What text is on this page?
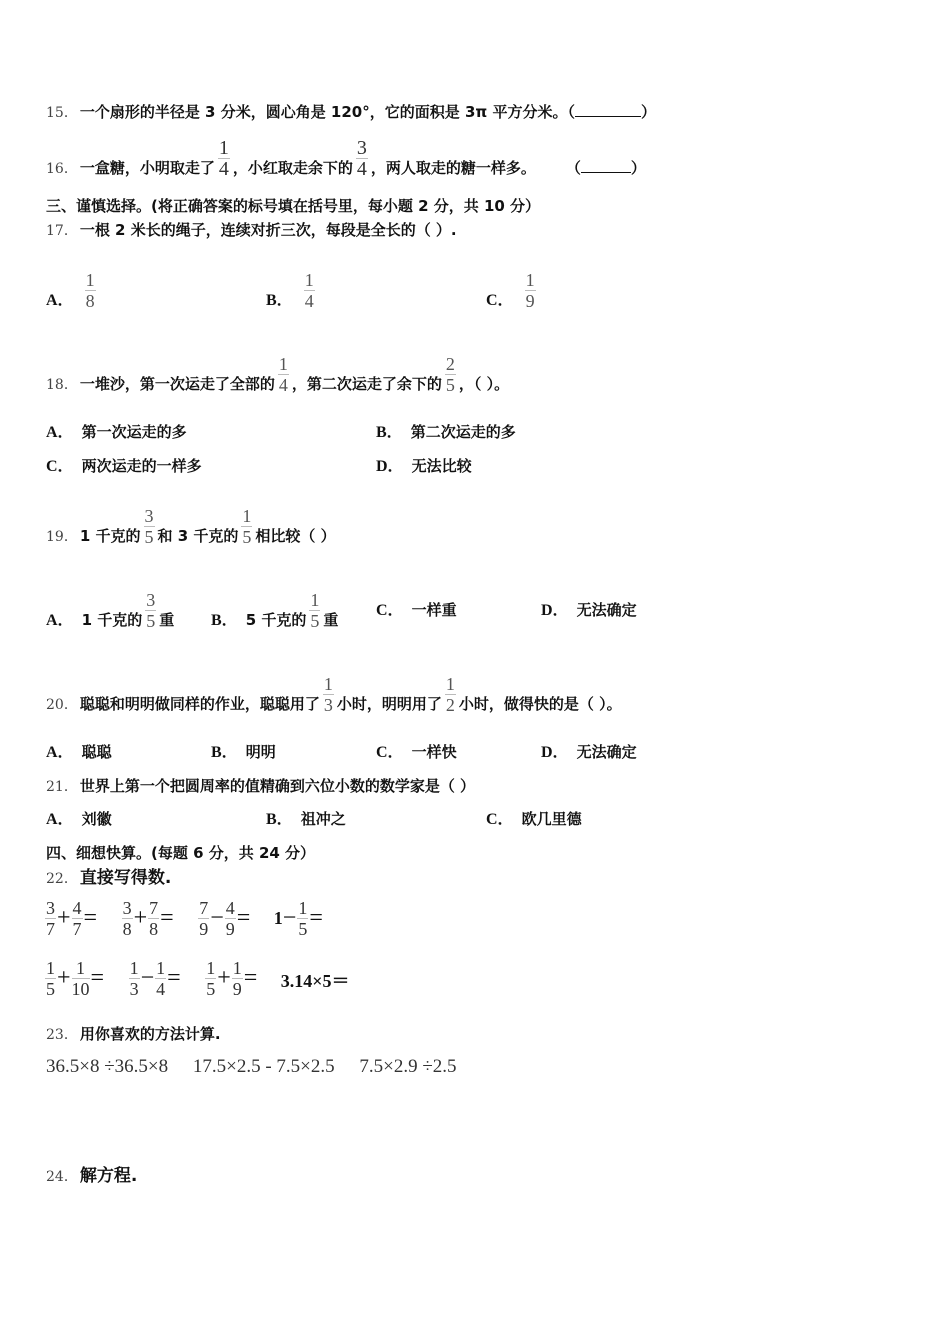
15． 一个扇形的半径是 3 分米，圆心角是 120°，它的面积是 3π 平方分米。（	）
16． 一盒糖，小明取走了 $\frac{1}{4}$ ，小红取走余下的 $\frac{3}{4}$ ，两人取走的糖一样多。 （	）
三、谨慎选择。(将正确答案的标号填在括号里，每小题 2 分，共 10 分）
17． 一根 2 米长的绳子，连续对折三次，每段是全长的（ ）.
A． $\frac{1}{8}$	B． $\frac{1}{4}$	C． $\frac{1}{9}$
18． 一堆沙，第一次运走了全部的 $\frac{1}{4}$ ，第二次运走了余下的 $\frac{2}{5}$ ，（ ）。
A． 第一次运走的多	B． 第二次运走的多
C． 两次运走的一样多	D． 无法比较
19． 1 千克的 $\frac{3}{5}$ 和 3 千克的 $\frac{1}{5}$ 相比较（ ）
A． 1 千克的 $\frac{3}{5}$ 重 B． 5 千克的 $\frac{1}{5}$ 重
C． 一样重	D． 无法确定
20． 聪聪和明明做同样的作业，聪聪用了 $\frac{1}{3}$ 小时，明明用了 $\frac{1}{2}$ 小时，做得快的是（ ）。
A． 聪聪	B． 明明	C． 一样快	D． 无法确定
21． 世界上第一个把圆周率的值精确到六位小数的数学家是（ ）
A． 刘徽	B． 祖冲之	C． 欧几里德
四、细想快算。(每题 6 分，共 24 分）
22． 直接写得数.
$\frac{3}{7} + \frac{4}{7} = \frac{3}{8} + \frac{7}{8} = \frac{7}{9} - \frac{4}{9} = 1- \frac{1}{5}$ =
$\frac{1}{5} + \frac{1}{10} = \frac{1}{3} - \frac{1}{4} = \frac{1}{5} + \frac{1}{9} = 3.14\times 5=$
23． 用你喜欢的方法计算.
36.5×8 ÷36.5×8 17.5×2.5 - 7.5×2.5 7.5×2.9 ÷2.5
24． 解方程.
